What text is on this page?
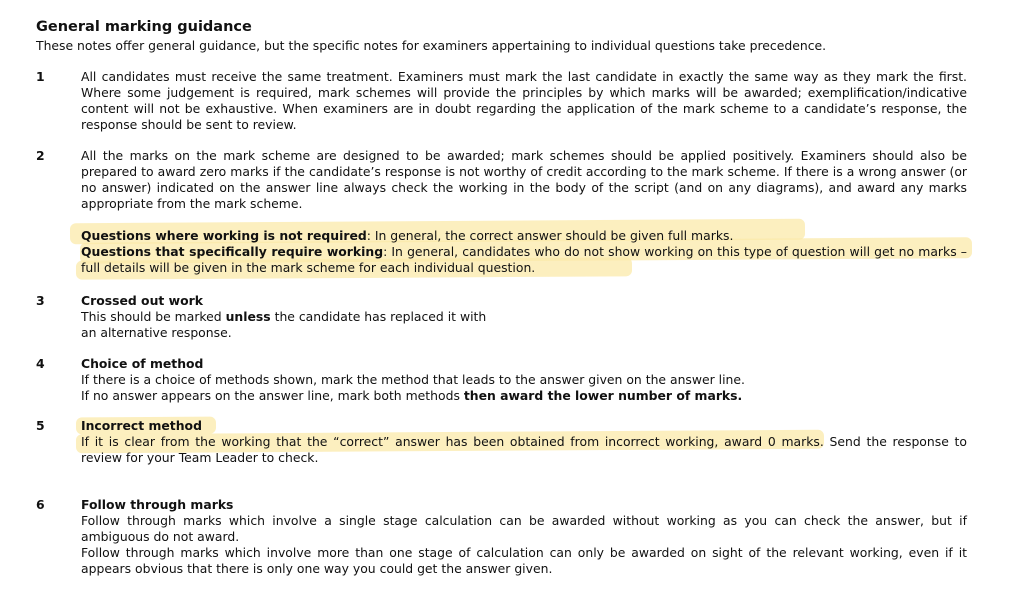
General marking guidance
These notes offer general guidance, but the specific notes for examiners appertaining to individual questions take precedence.
1	All candidates must receive the same treatment. Examiners must mark the last candidate in exactly the same way as they mark the first. Where some judgement is required, mark schemes will provide the principles by which marks will be awarded; exemplification/indicative content will not be exhaustive. When examiners are in doubt regarding the application of the mark scheme to a candidate’s response, the response should be sent to review.
2	All the marks on the mark scheme are designed to be awarded; mark schemes should be applied positively. Examiners should also be prepared to award zero marks if the candidate’s response is not worthy of credit according to the mark scheme. If there is a wrong answer (or no answer) indicated on the answer line always check the working in the body of the script (and on any diagrams), and award any marks appropriate from the mark scheme.
Questions where working is not required: In general, the correct answer should be given full marks.
Questions that specifically require working: In general, candidates who do not show working on this type of question will get no marks – full details will be given in the mark scheme for each individual question.
3	Crossed out work
This should be marked unless the candidate has replaced it with
an alternative response.
4	Choice of method
If there is a choice of methods shown, mark the method that leads to the answer given on the answer line.
If no answer appears on the answer line, mark both methods then award the lower number of marks.
5	Incorrect method
If it is clear from the working that the “correct” answer has been obtained from incorrect working, award 0 marks. Send the response to review for your Team Leader to check.
6	Follow through marks
Follow through marks which involve a single stage calculation can be awarded without working as you can check the answer, but if ambiguous do not award.
Follow through marks which involve more than one stage of calculation can only be awarded on sight of the relevant working, even if it appears obvious that there is only one way you could get the answer given.
